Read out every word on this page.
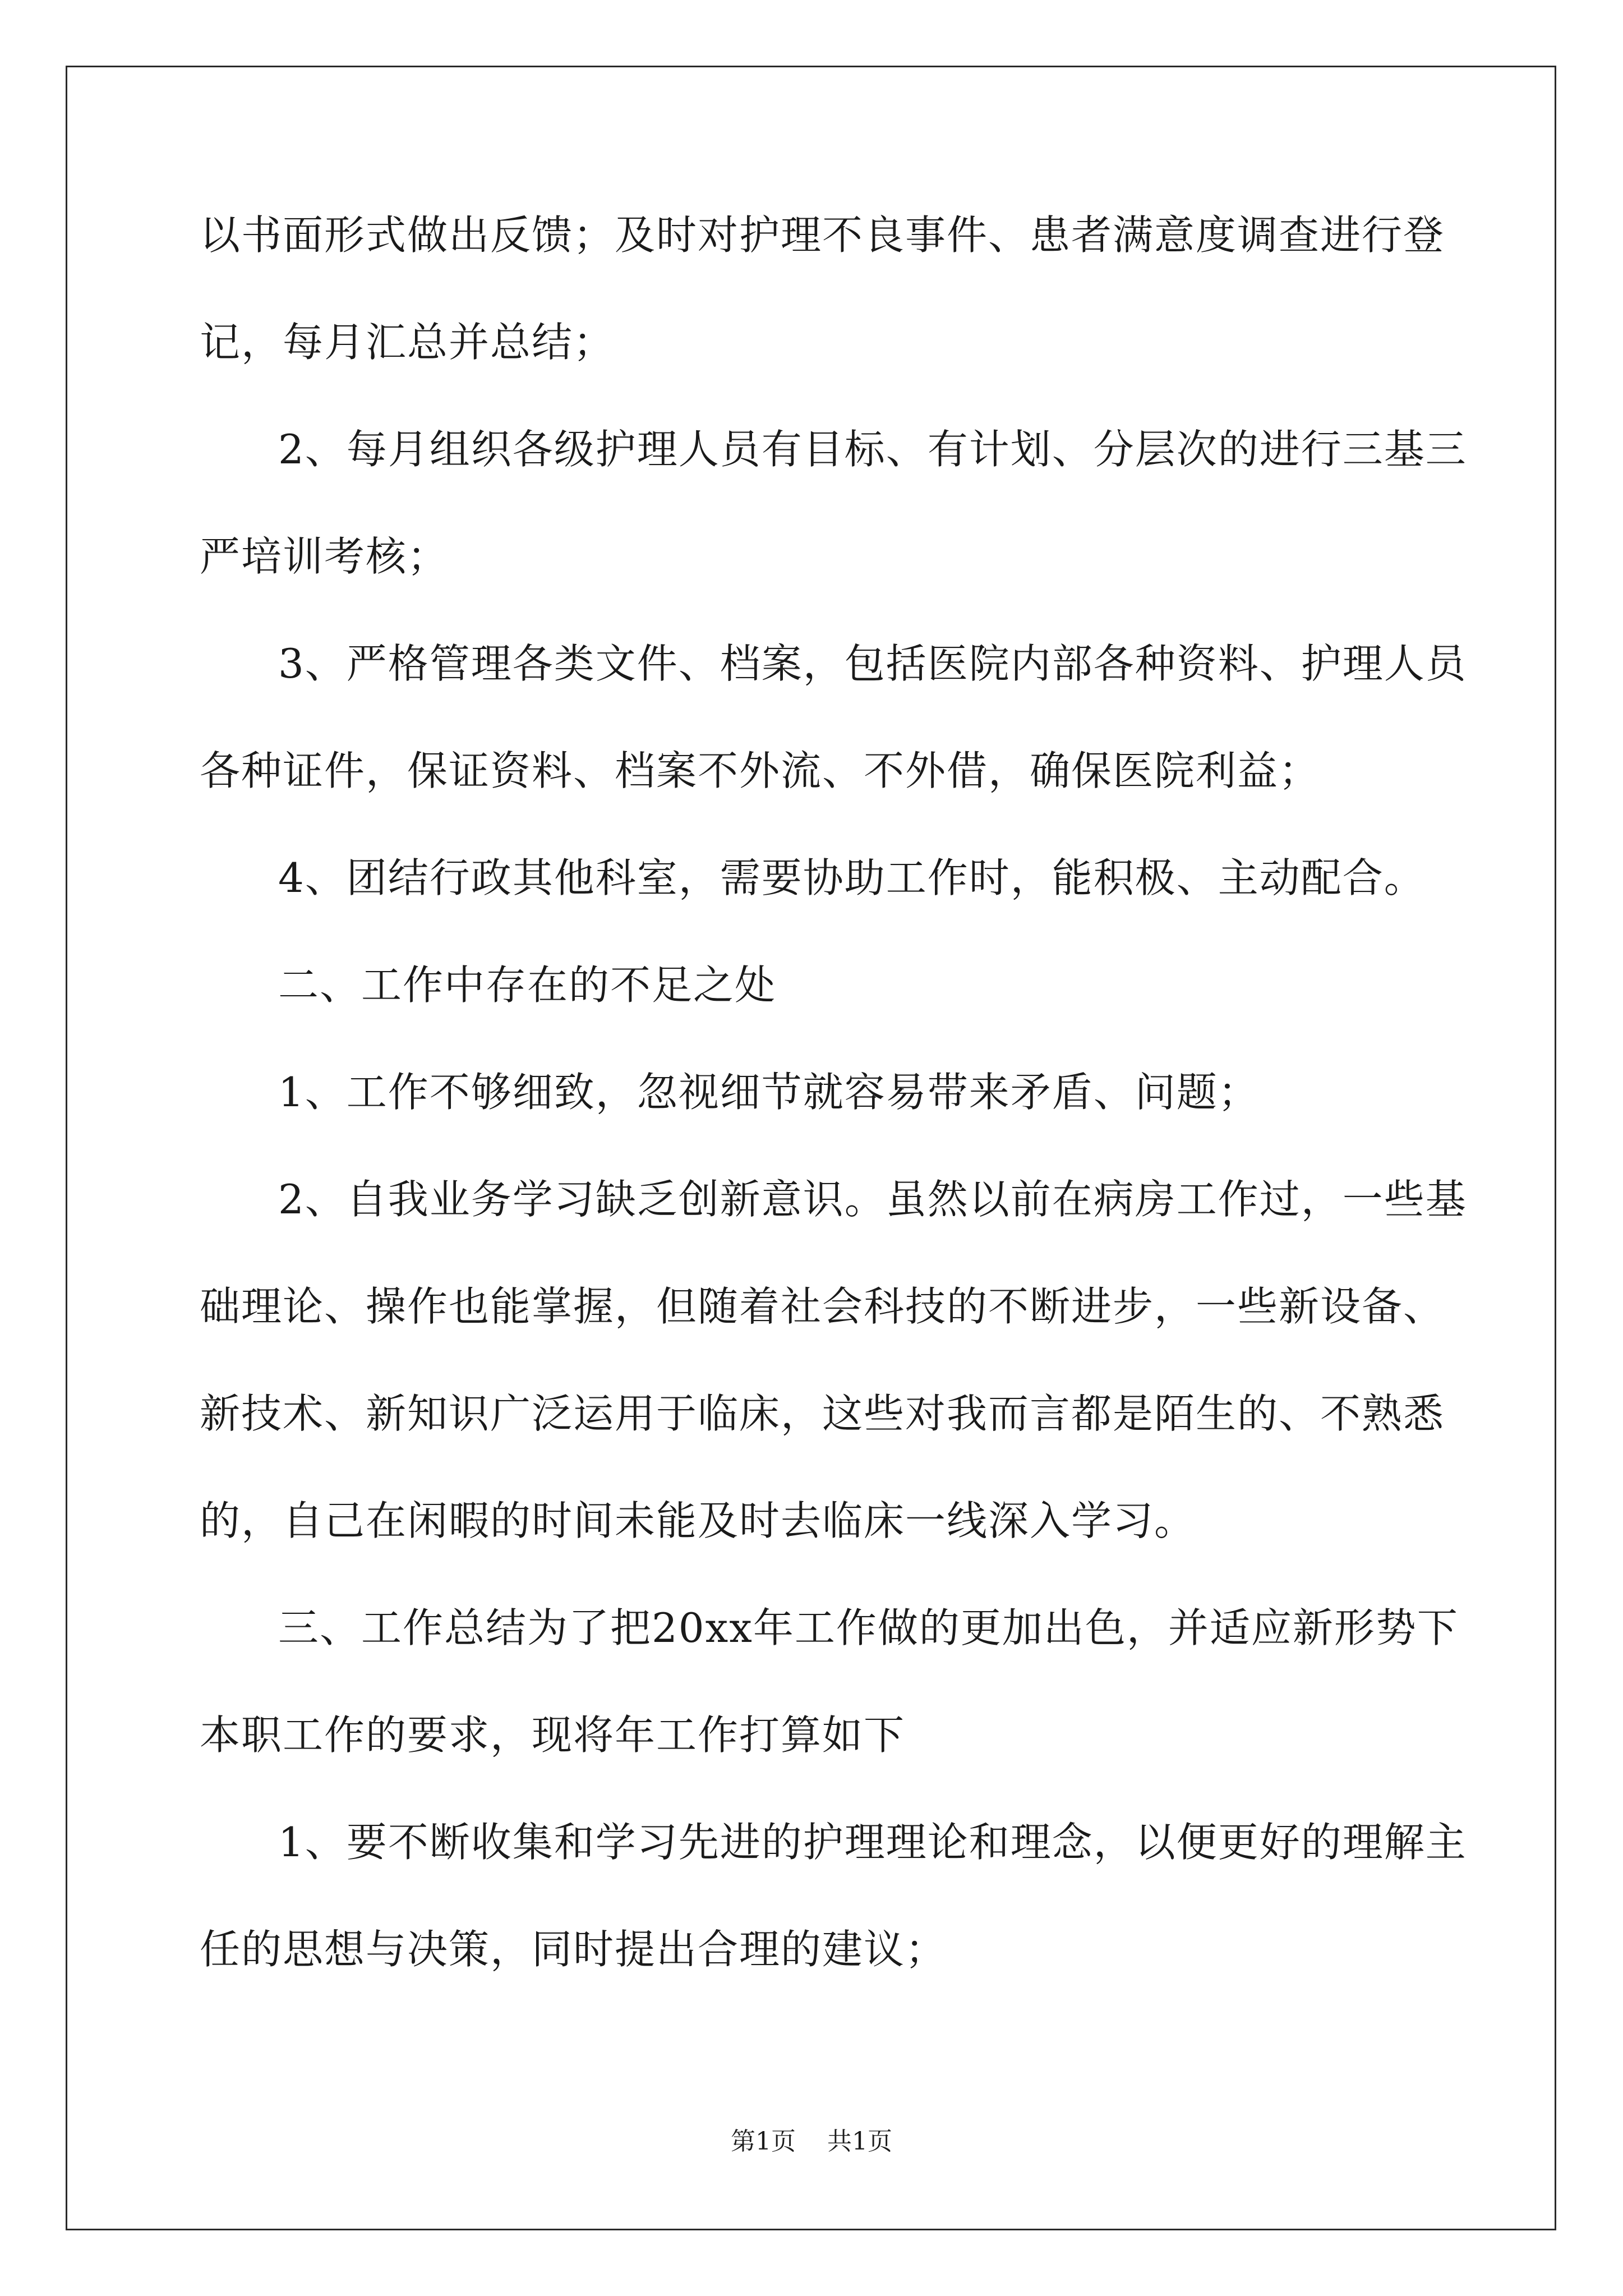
以书面形式做出反馈；及时对护理不良事件、患者满意度调查进行登
记，每月汇总并总结；
2、每月组织各级护理人员有目标、有计划、分层次的进行三基三
严培训考核；
3、严格管理各类文件、档案，包括医院内部各种资料、护理人员
各种证件，保证资料、档案不外流、不外借，确保医院利益；
4、团结行政其他科室，需要协助工作时，能积极、主动配合。
二、工作中存在的不足之处
1、工作不够细致，忽视细节就容易带来矛盾、问题；
2、自我业务学习缺乏创新意识。虽然以前在病房工作过，一些基
础理论、操作也能掌握，但随着社会科技的不断进步，一些新设备、
新技术、新知识广泛运用于临床，这些对我而言都是陌生的、不熟悉
的，自己在闲暇的时间未能及时去临床一线深入学习。
三、工作总结为了把20xx年工作做的更加出色，并适应新形势下
本职工作的要求，现将年工作打算如下
1、要不断收集和学习先进的护理理论和理念，以便更好的理解主
任的思想与决策，同时提出合理的建议；
第1页 共1页
